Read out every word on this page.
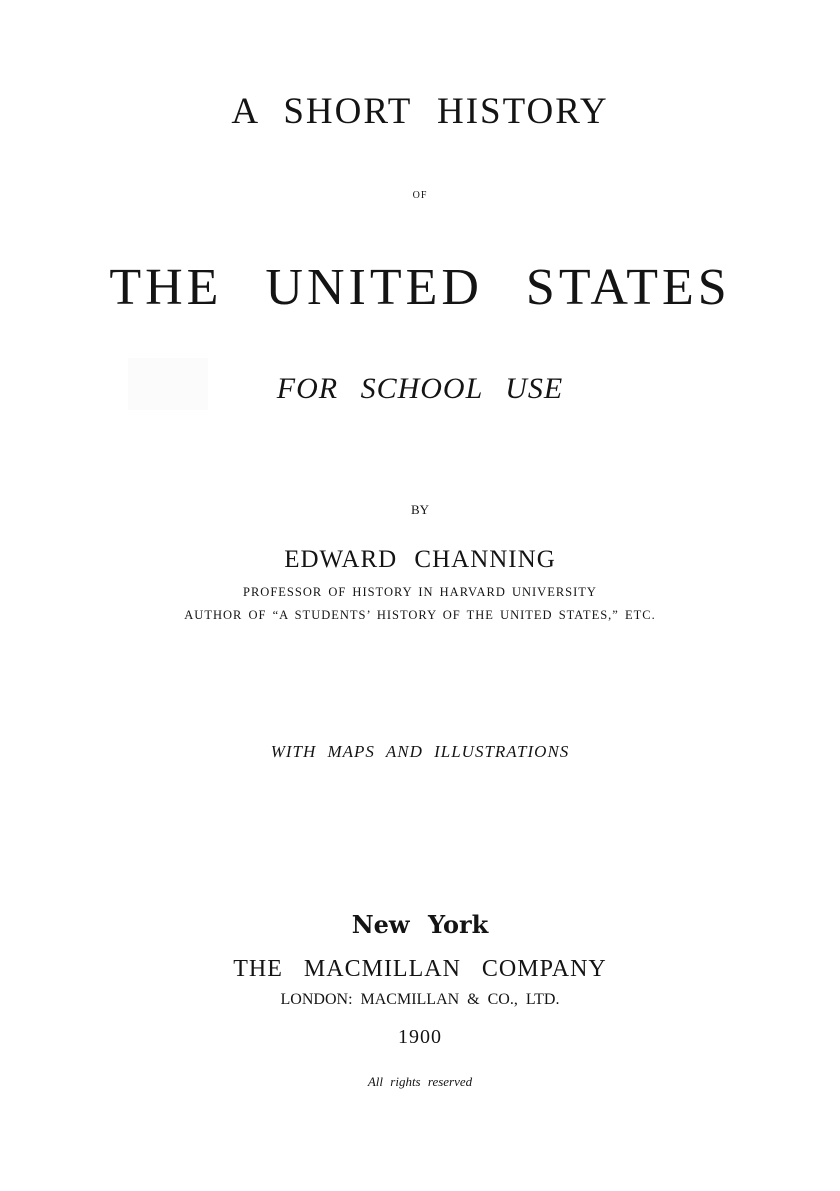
A SHORT HISTORY
OF
THE UNITED STATES
FOR SCHOOL USE
BY
EDWARD CHANNING
PROFESSOR OF HISTORY IN HARVARD UNIVERSITY
AUTHOR OF “A STUDENTS’ HISTORY OF THE UNITED STATES,” ETC.
WITH MAPS AND ILLUSTRATIONS
New York
THE MACMILLAN COMPANY
LONDON: MACMILLAN & CO., LTD.
1900
All rights reserved
